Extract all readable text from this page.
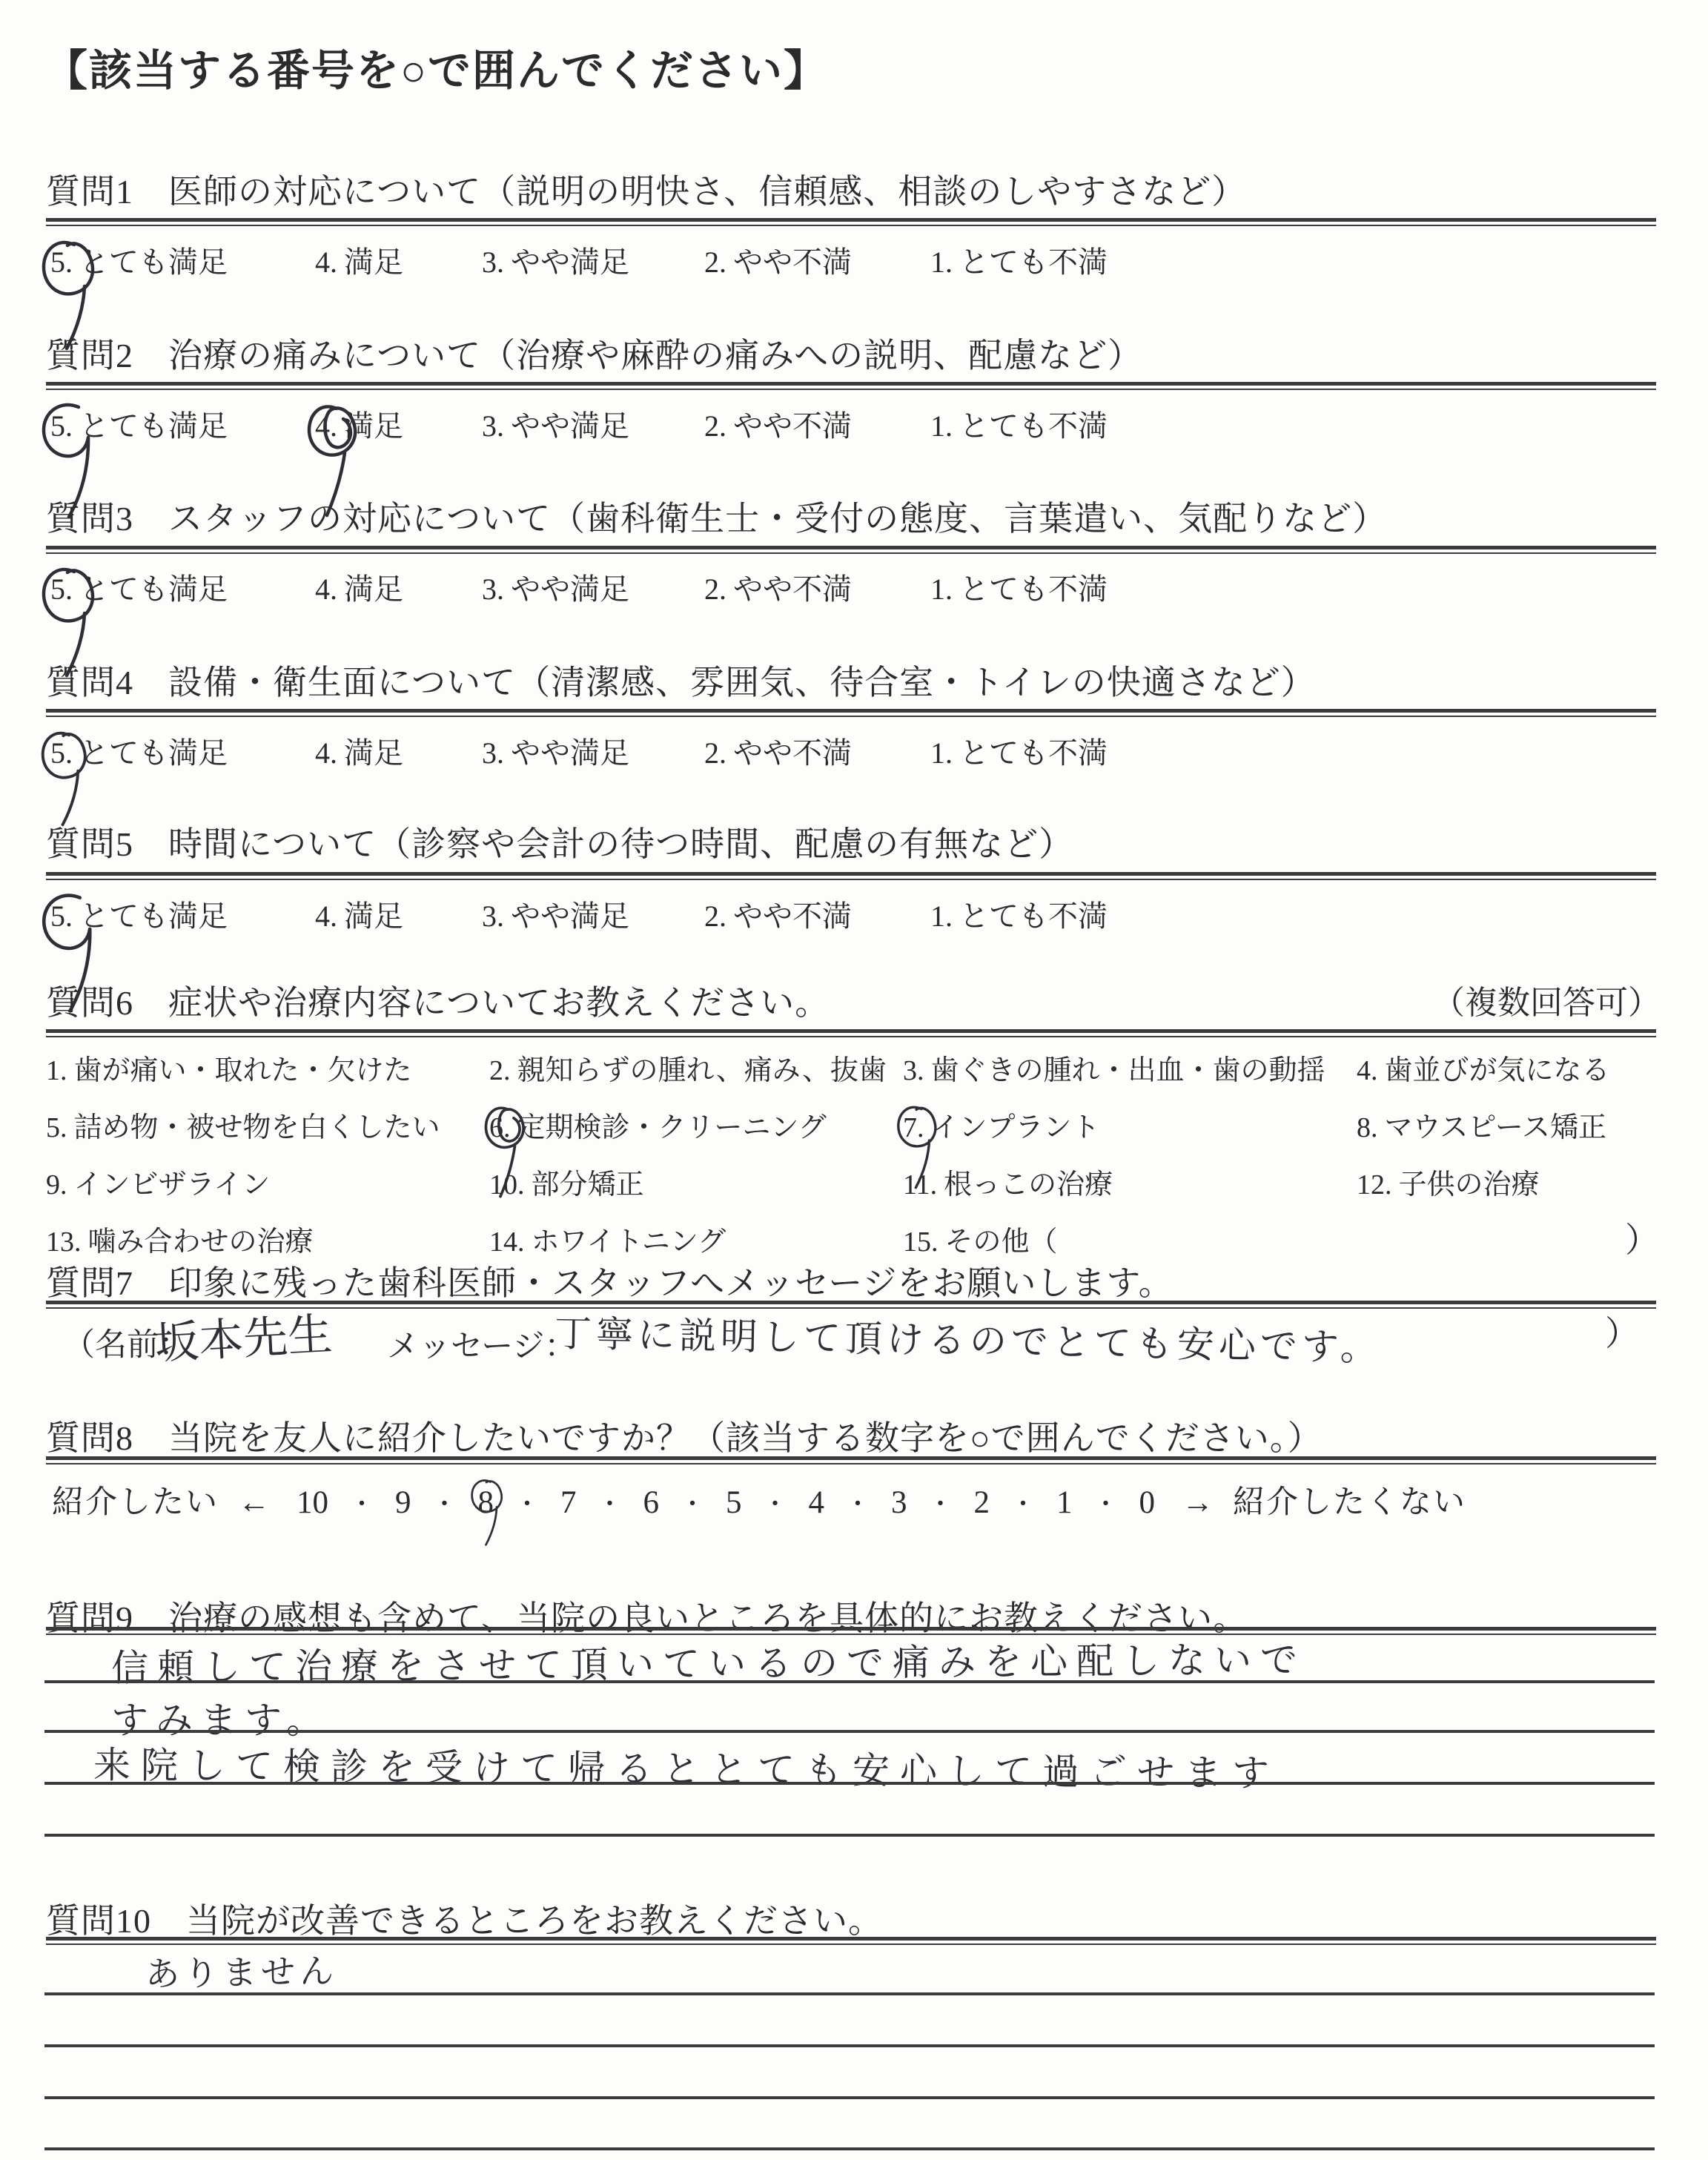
【該当する番号を○で囲んでください】
質問1　医師の対応について（説明の明快さ、信頼感、相談のしやすさなど）
5. とても満足	4. 満足	3. やや満足	2. やや不満	1. とても不満
質問2　治療の痛みについて（治療や麻酔の痛みへの説明、配慮など）
5. とても満足	4. 満足	3. やや満足	2. やや不満	1. とても不満
質問3　スタッフの対応について（歯科衛生士・受付の態度、言葉遣い、気配りなど）
5. とても満足	4. 満足	3. やや満足	2. やや不満	1. とても不満
質問4　設備・衛生面について（清潔感、雰囲気、待合室・トイレの快適さなど）
5. とても満足	4. 満足	3. やや満足	2. やや不満	1. とても不満
質問5　時間について（診察や会計の待つ時間、配慮の有無など）
5. とても満足	4. 満足	3. やや満足	2. やや不満	1. とても不満
質問6　症状や治療内容についてお教えください。	（複数回答可）
1. 歯が痛い・取れた・欠けた	2. 親知らずの腫れ、痛み、抜歯 3. 歯ぐきの腫れ・出血・歯の動揺 4. 歯並びが気になる
5. 詰め物・被せ物を白くしたい 6. 定期検診・クリーニング	7. インプラント	8. マウスピース矯正
9. インビザライン	10. 部分矯正	11. 根っこの治療	12. 子供の治療
13. 噛み合わせの治療	14. ホワイトニング	15. その他（	）
質問7　印象に残った歯科医師・スタッフへメッセージをお願いします。
（名前：
坂本先生 メッセージ：
丁寧に説明して頂けるのでとても安心です。	）
質問8　当院を友人に紹介したいですか？（該当する数字を○で囲んでください。）
紹介したい ← 10 ・ 9 ・ 8 ・ 7 ・ 6 ・ 5 ・ 4 ・ 3 ・ 2 ・ 1 ・ 0 → 紹介したくない
質問9　治療の感想も含めて、当院の良いところを具体的にお教えください。
信頼して治療をさせて頂いているので痛みを心配しないで
すみます。
来院して検診を受けて帰るととても安心して過ごせます
質問10　当院が改善できるところをお教えください。
ありません
